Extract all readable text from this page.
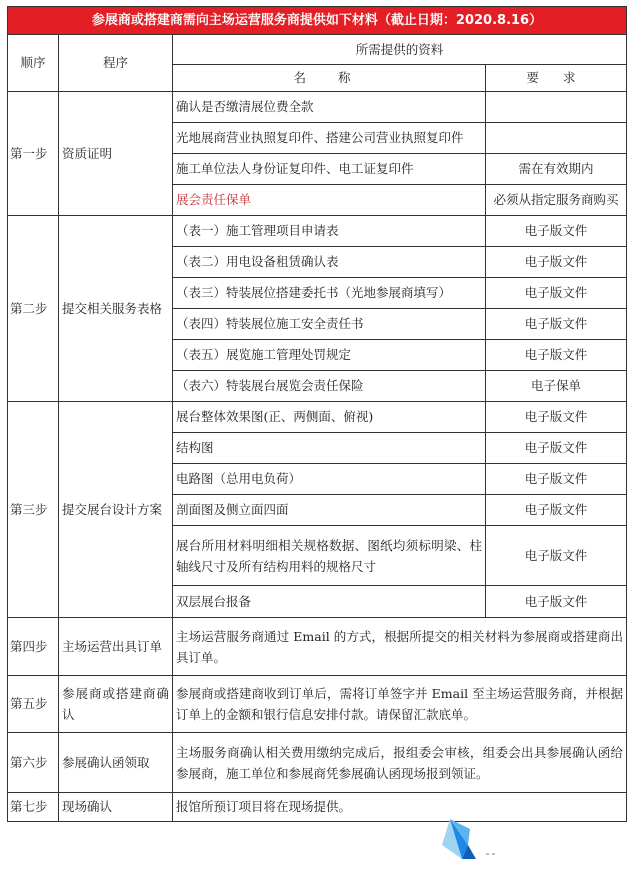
参展商或搭建商需向主场运营服务商提供如下材料（截止日期：2020.8.16）			
顺序	程序	所需提供的资料	
		名 称	要 求
第一步	资质证明	确认是否缴清展位费全款	
		光地展商营业执照复印件、搭建公司营业执照复印件	
		施工单位法人身份证复印件、电工证复印件	需在有效期内
		展会责任保单	必须从指定服务商购买
第二步	提交相关服务表格	（表一）施工管理项目申请表	电子版文件
		（表二）用电设备租赁确认表	电子版文件
		（表三）特装展位搭建委托书（光地参展商填写）	电子版文件
		（表四）特装展位施工安全责任书	电子版文件
		（表五）展览施工管理处罚规定	电子版文件
		（表六）特装展台展览会责任保险	电子保单
第三步	提交展台设计方案	展台整体效果图(正、两侧面、俯视)	电子版文件
		结构图	电子版文件
		电路图（总用电负荷）	电子版文件
		剖面图及侧立面四面	电子版文件
		展台所用材料明细相关规格数据、图纸均须标明梁、柱轴线尺寸及所有结构用料的规格尺寸	电子版文件
		双层展台报备	电子版文件
第四步	主场运营出具订单	主场运营服务商通过 Email 的方式，根据所提交的相关材料为参展商或搭建商出具订单。	
第五步	参展商或搭建商确认	参展商或搭建商收到订单后，需将订单签字并 Email 至主场运营服务商，并根据订单上的金额和银行信息安排付款。请保留汇款底单。	
第六步	参展确认函领取	主场服务商确认相关费用缴纳完成后，报组委会审核，组委会出具参展确认函给参展商，施工单位和参展商凭参展确认函现场报到领证。	
第七步	现场确认	报馆所预订项目将在现场提供。	
